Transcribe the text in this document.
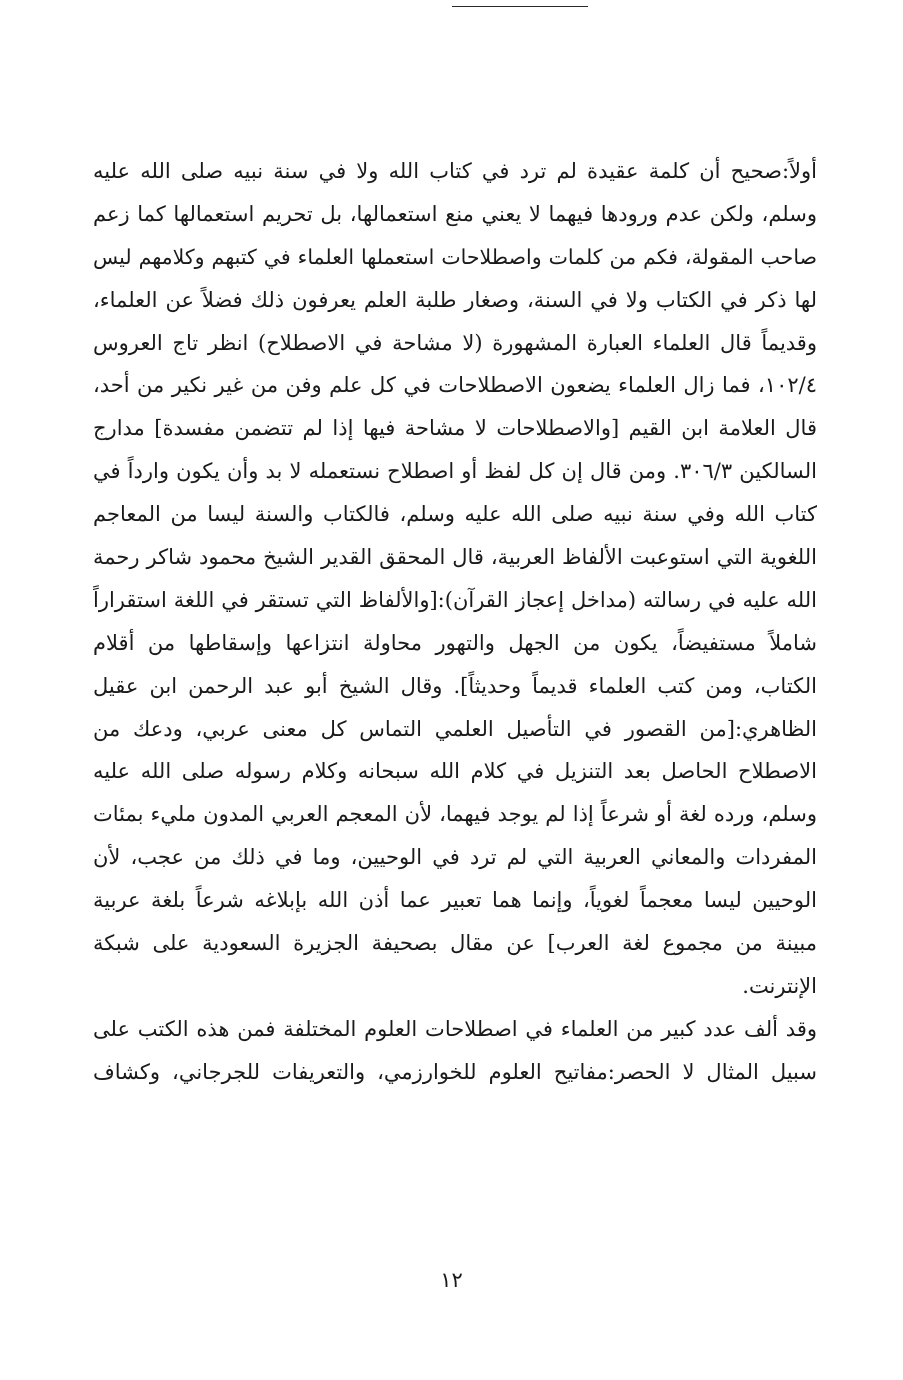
أولاً:صحيح أن كلمة عقيدة لم ترد في كتاب الله ولا في سنة نبيه صلى الله عليه
وسلم، ولكن عدم ورودها فيهما لا يعني منع استعمالها، بل تحريم استعمالها كما زعم
صاحب المقولة، فكم من كلمات واصطلاحات استعملها العلماء في كتبهم وكلامهم ليس
لها ذكر في الكتاب ولا في السنة، وصغار طلبة العلم يعرفون ذلك فضلاً عن العلماء،
وقديماً قال العلماء العبارة المشهورة (لا مشاحة في الاصطلاح) انظر تاج العروس
١٠٢/٤، فما زال العلماء يضعون الاصطلاحات في كل علم وفن من غير نكير من أحد،
قال العلامة ابن القيم [والاصطلاحات لا مشاحة فيها إذا لم تتضمن مفسدة] مدارج
السالكين ٣٠٦/٣. ومن قال إن كل لفظ أو اصطلاح نستعمله لا بد وأن يكون وارداً في
كتاب الله وفي سنة نبيه صلى الله عليه وسلم، فالكتاب والسنة ليسا من المعاجم
اللغوية التي استوعبت الألفاظ العربية، قال المحقق القدير الشيخ محمود شاكر رحمة
الله عليه في رسالته (مداخل إعجاز القرآن):[والألفاظ التي تستقر في اللغة استقراراً
شاملاً مستفيضاً، يكون من الجهل والتهور محاولة انتزاعها وإسقاطها من أقلام
الكتاب، ومن كتب العلماء قديماً وحديثاً]. وقال الشيخ أبو عبد الرحمن ابن عقيل
الظاهري:[من القصور في التأصيل العلمي التماس كل معنى عربي، ودعك من
الاصطلاح الحاصل بعد التنزيل في كلام الله سبحانه وكلام رسوله صلى الله عليه
وسلم، ورده لغة أو شرعاً إذا لم يوجد فيهما، لأن المعجم العربي المدون مليء بمئات
المفردات والمعاني العربية التي لم ترد في الوحيين، وما في ذلك من عجب، لأن
الوحيين ليسا معجماً لغوياً، وإنما هما تعبير عما أذن الله بإبلاغه شرعاً بلغة عربية
مبينة من مجموع لغة العرب] عن مقال بصحيفة الجزيرة السعودية على شبكة
الإنترنت.
وقد ألف عدد كبير من العلماء في اصطلاحات العلوم المختلفة فمن هذه الكتب على
سبيل المثال لا الحصر:مفاتيح العلوم للخوارزمي، والتعريفات للجرجاني، وكشاف
١٢
